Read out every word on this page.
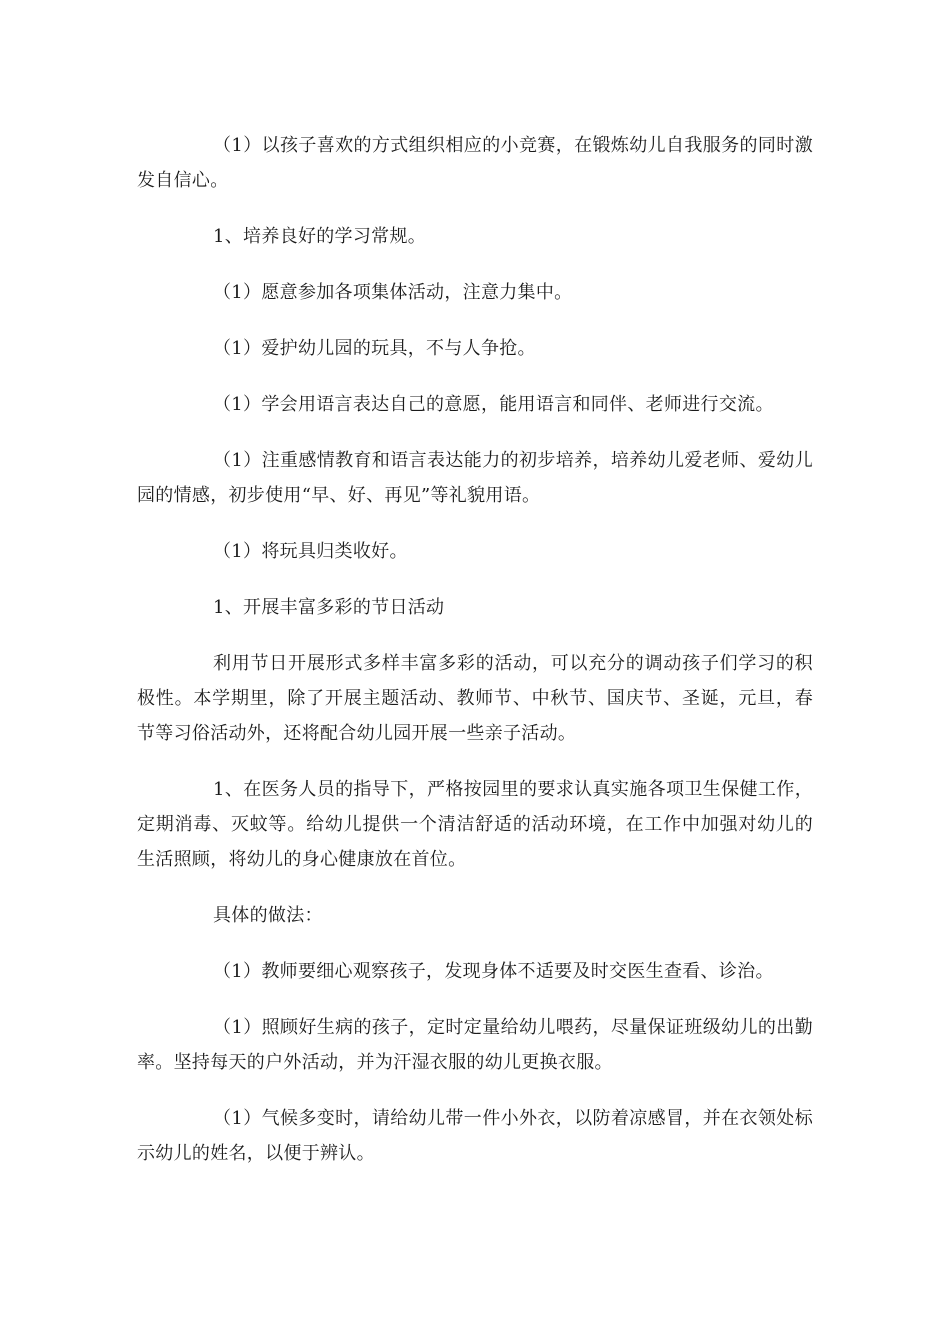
（1）以孩子喜欢的方式组织相应的小竞赛，在锻炼幼儿自我服务的同时激发自信心。

1、培养良好的学习常规。

（1）愿意参加各项集体活动，注意力集中。

（1）爱护幼儿园的玩具，不与人争抢。

（1）学会用语言表达自己的意愿，能用语言和同伴、老师进行交流。

（1）注重感情教育和语言表达能力的初步培养，培养幼儿爱老师、爱幼儿园的情感，初步使用“早、好、再见”等礼貌用语。

（1）将玩具归类收好。

1、开展丰富多彩的节日活动

利用节日开展形式多样丰富多彩的活动，可以充分的调动孩子们学习的积极性。本学期里，除了开展主题活动、教师节、中秋节、国庆节、圣诞，元旦，春节等习俗活动外，还将配合幼儿园开展一些亲子活动。

1、在医务人员的指导下，严格按园里的要求认真实施各项卫生保健工作，定期消毒、灭蚊等。给幼儿提供一个清洁舒适的活动环境，在工作中加强对幼儿的生活照顾，将幼儿的身心健康放在首位。

具体的做法：

（1）教师要细心观察孩子，发现身体不适要及时交医生查看、诊治。

（1）照顾好生病的孩子，定时定量给幼儿喂药，尽量保证班级幼儿的出勤率。坚持每天的户外活动，并为汗湿衣服的幼儿更换衣服。

（1）气候多变时，请给幼儿带一件小外衣，以防着凉感冒，并在衣领处标示幼儿的姓名，以便于辨认。
